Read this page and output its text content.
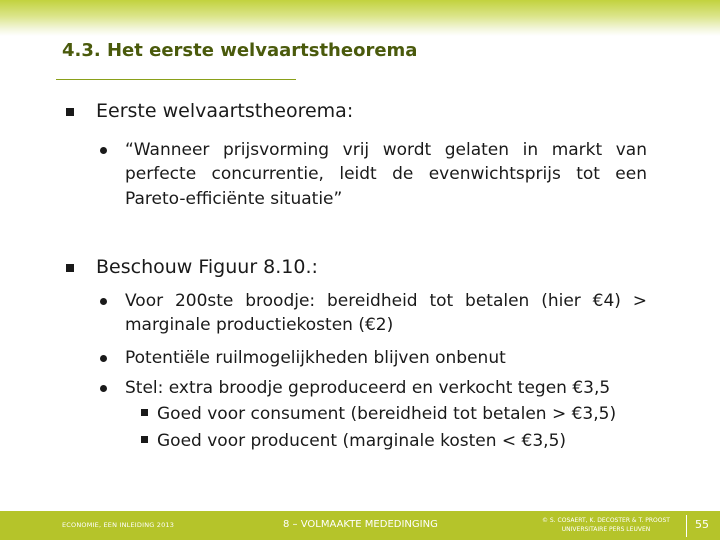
4.3. Het eerste welvaartstheorema
Eerste welvaartstheorema:
“Wanneer prijsvorming vrij wordt gelaten in markt van
perfecte concurrentie, leidt de evenwichtsprijs tot een
Pareto-efficiënte situatie”
Beschouw Figuur 8.10.:
Voor 200ste broodje: bereidheid tot betalen (hier €4) >
marginale productiekosten (€2)
Potentiële ruilmogelijkheden blijven onbenut
Stel: extra broodje geproduceerd en verkocht tegen €3,5
Goed voor consument (bereidheid tot betalen > €3,5)
Goed voor producent (marginale kosten < €3,5)
ECONOMIE, EEN INLEIDING 2013	8 – VOLMAAKTE MEDEDINGING	© S. COSAERT, K. DECOSTER & T. PROOST
UNIVERSITAIRE PERS LEUVEN	55
